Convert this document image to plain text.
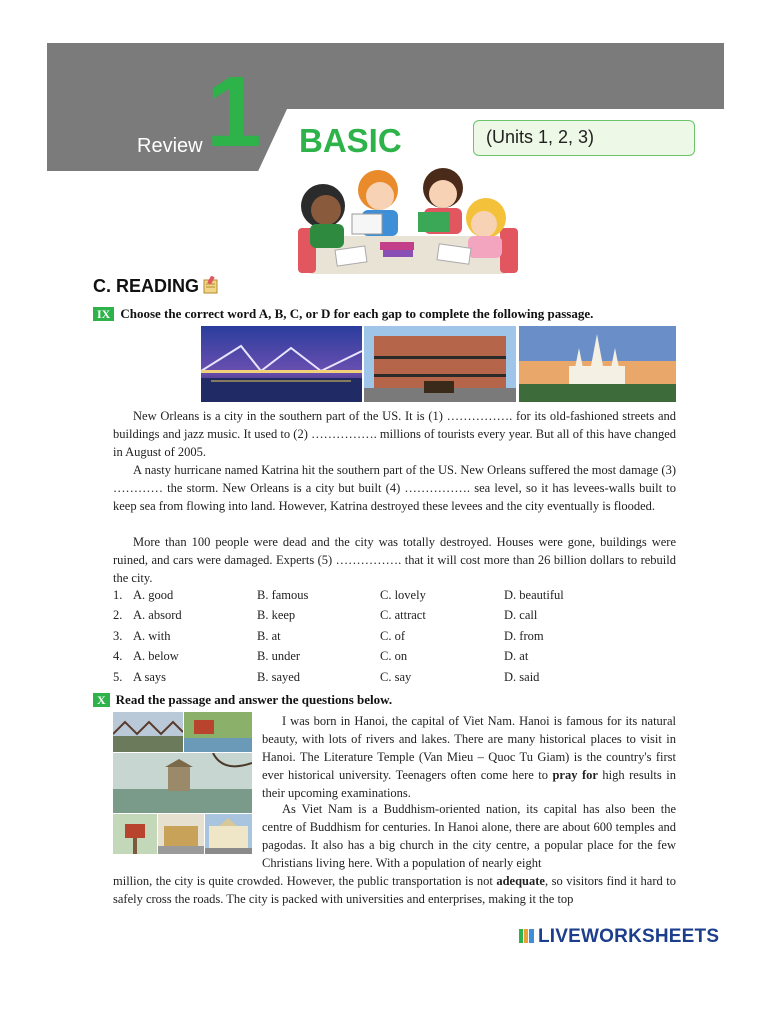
Review 1 BASIC	(Units 1, 2, 3)
C. READING
IX Choose the correct word A, B, C, or D for each gap to complete the following passage.

New Orleans is a city in the southern part of the US. It is (1) ……………. for its old-fashioned streets and buildings and jazz music. It used to (2) ……………. millions of tourists every year. But all of this have changed in August of 2005.

A nasty hurricane named Katrina hit the southern part of the US. New Orleans suffered the most damage (3) ………… the storm. New Orleans is a city but built (4) ……………. sea level, so it has levees-walls built to keep sea from flowing into land. However, Katrina destroyed these levees and the city eventually is flooded.

More than 100 people were dead and the city was totally destroyed. Houses were gone, buildings were ruined, and cars were damaged. Experts (5) ……………. that it will cost more than 26 billion dollars to rebuild the city.

1. A. good	B. famous	C. lovely	D. beautiful
2. A. absord	B. keep	C. attract	D. call
3. A. with	B. at	C. of	D. from
4. A. below	B. under	C. on	D. at
5. A says	B. sayed	C. say	D. said
X Read the passage and answer the questions below.

I was born in Hanoi, the capital of Viet Nam. Hanoi is famous for its natural beauty, with lots of rivers and lakes. There are many historical places to visit in Hanoi. The Literature Temple (Van Mieu – Quoc Tu Giam) is the country's first ever historical university. Teenagers often come here to pray for high results in their upcoming examinations.

As Viet Nam is a Buddhism-oriented nation, its capital has also been the centre of Buddhism for centuries. In Hanoi alone, there are about 600 temples and pagodas. It also has a big church in the city centre, a popular place for the few Christians living here. With a population of nearly eight

million, the city is quite crowded. However, the public transportation is not adequate, so visitors find it hard to safely cross the roads. The city is packed with universities and enterprises, making it the top

LIVEWORKSHEETS
